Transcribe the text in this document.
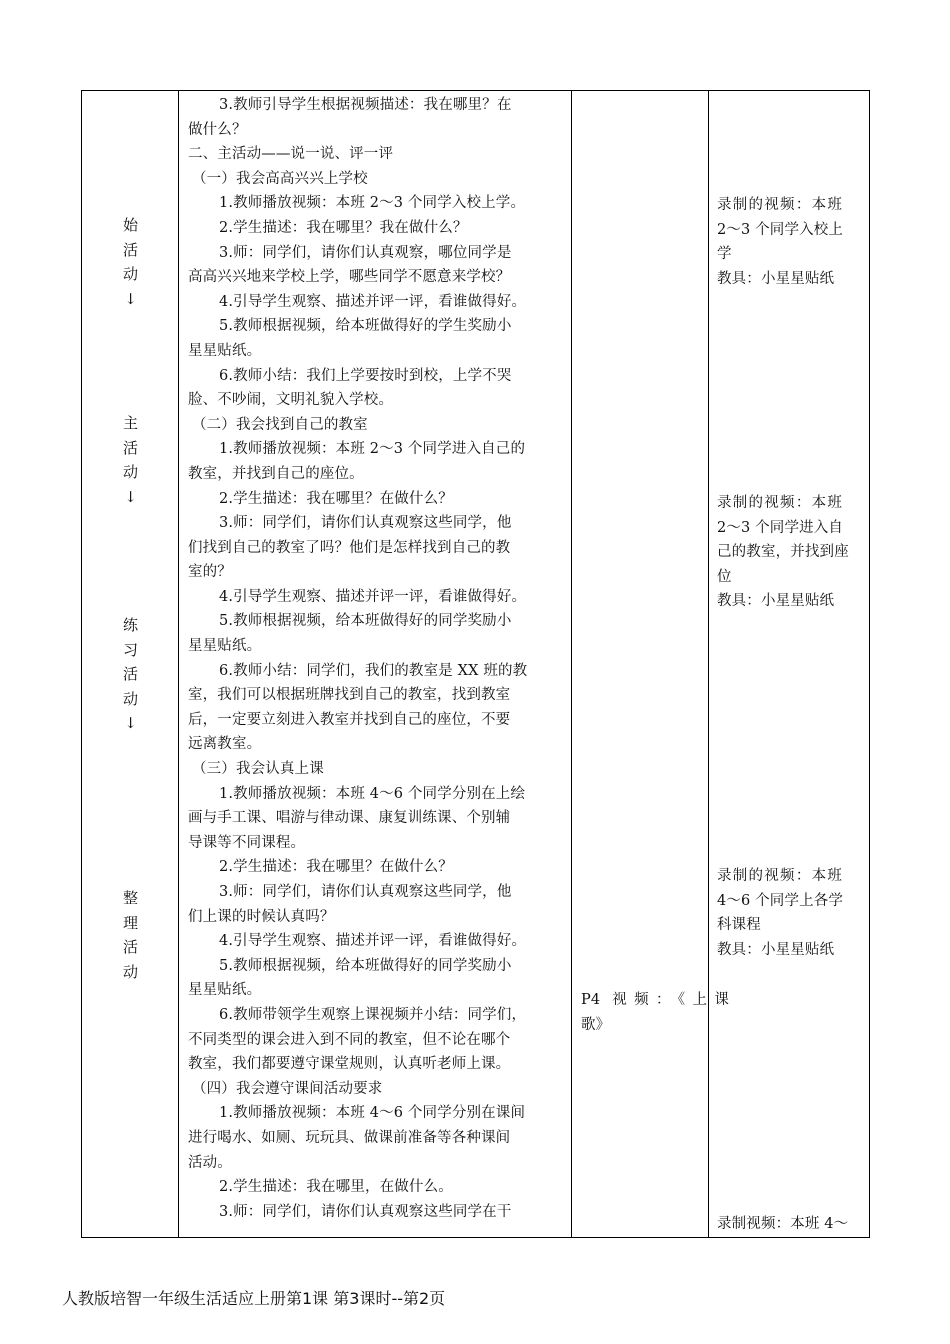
始
活
动
↓
主
活
动
↓
练
习
活
动
↓
整
理
活
动
3.教师引导学生根据视频描述：我在哪里？在
做什么？
二、主活动——说一说、评一评
（一）我会高高兴兴上学校
1.教师播放视频：本班 2～3 个同学入校上学。
2.学生描述：我在哪里？我在做什么？
3.师：同学们，请你们认真观察，哪位同学是
高高兴兴地来学校上学，哪些同学不愿意来学校？
4.引导学生观察、描述并评一评，看谁做得好。
5.教师根据视频，给本班做得好的学生奖励小
星星贴纸。
6.教师小结：我们上学要按时到校，上学不哭
脸、不吵闹，文明礼貌入学校。
（二）我会找到自己的教室
1.教师播放视频：本班 2～3 个同学进入自己的
教室，并找到自己的座位。
2.学生描述：我在哪里？在做什么？
3.师：同学们，请你们认真观察这些同学，他
们找到自己的教室了吗？他们是怎样找到自己的教
室的？
4.引导学生观察、描述并评一评，看谁做得好。
5.教师根据视频，给本班做得好的同学奖励小
星星贴纸。
6.教师小结：同学们，我们的教室是 XX 班的教
室，我们可以根据班牌找到自己的教室，找到教室
后，一定要立刻进入教室并找到自己的座位，不要
远离教室。
（三）我会认真上课
1.教师播放视频：本班 4～6 个同学分别在上绘
画与手工课、唱游与律动课、康复训练课、个别辅
导课等不同课程。
2.学生描述：我在哪里？在做什么？
3.师：同学们，请你们认真观察这些同学，他
们上课的时候认真吗？
4.引导学生观察、描述并评一评，看谁做得好。
5.教师根据视频，给本班做得好的同学奖励小
星星贴纸。
6.教师带领学生观察上课视频并小结：同学们，
不同类型的课会进入到不同的教室，但不论在哪个
教室，我们都要遵守课堂规则，认真听老师上课。
（四）我会遵守课间活动要求
1.教师播放视频：本班 4～6 个同学分别在课间
进行喝水、如厕、玩玩具、做课前准备等各种课间
活动。
2.学生描述：我在哪里，在做什么。
3.师：同学们，请你们认真观察这些同学在干
P4 视频：《上课
歌》
录制的视频：本班
2～3 个同学入校上
学
教具：小星星贴纸
录制的视频：本班
2～3 个同学进入自
己的教室，并找到座
位
教具：小星星贴纸
录制的视频：本班
4～6 个同学上各学
科课程
教具：小星星贴纸
录制视频：本班 4～
人教版培智一年级生活适应上册第1课 第3课时--第2页
